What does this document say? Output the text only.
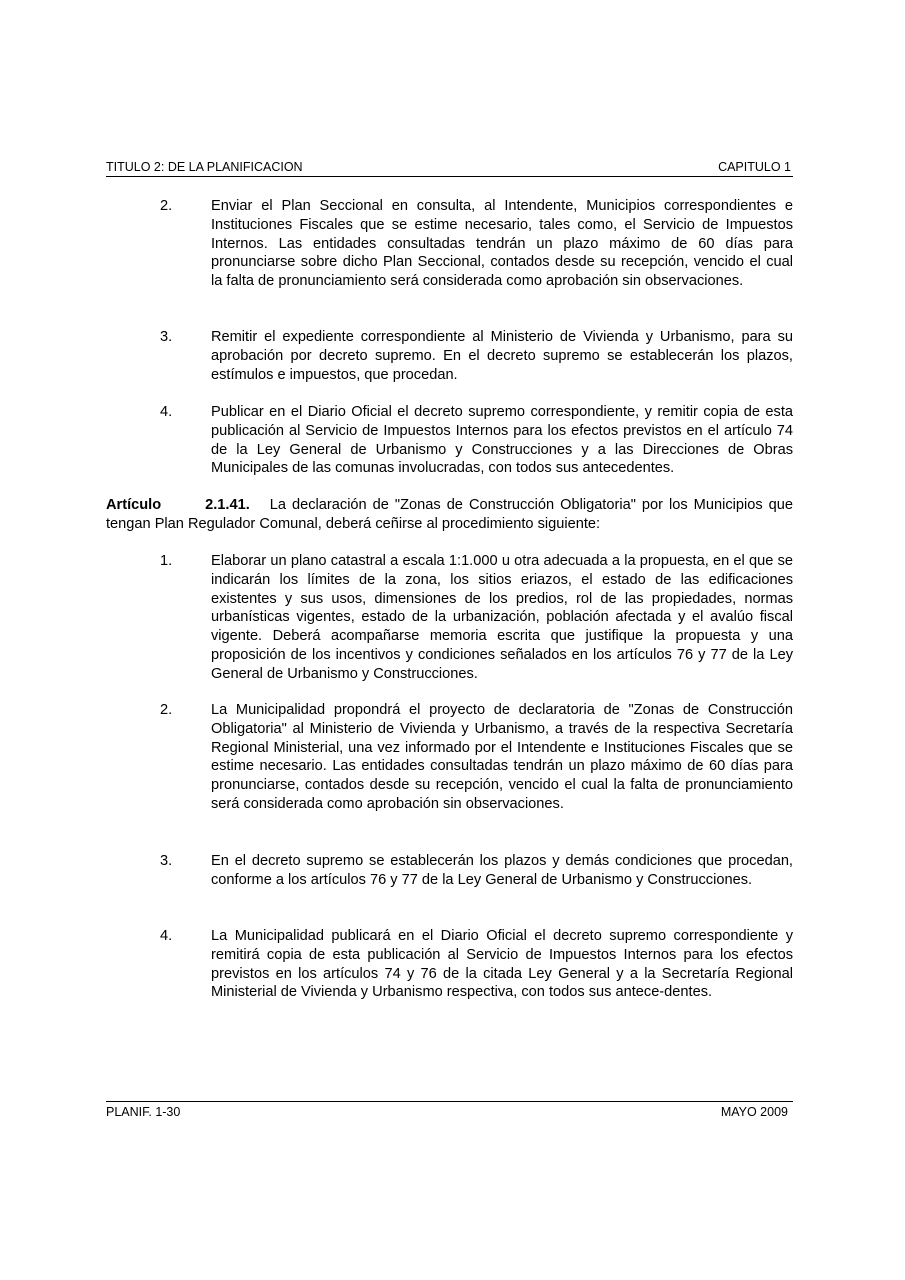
TITULO 2: DE LA PLANIFICACION	CAPITULO 1
2.	Enviar el Plan Seccional en consulta, al Intendente, Municipios correspondientes e Instituciones Fiscales que se estime necesario, tales como, el Servicio de Impuestos Internos. Las entidades consultadas tendrán un plazo máximo de 60 días para pronunciarse sobre dicho Plan Seccional, contados desde su recepción, vencido el cual la falta de pronunciamiento será considerada como aprobación sin observaciones.
3.	Remitir el expediente correspondiente al Ministerio de Vivienda y Urbanismo, para su aprobación por decreto supremo. En el decreto supremo se establecerán los plazos, estímulos e impuestos, que procedan.
4.	Publicar en el Diario Oficial el decreto supremo correspondiente, y remitir copia de esta publicación al Servicio de Impuestos Internos para los efectos previstos en el artículo 74 de la Ley General de Urbanismo y Construcciones y a las Direcciones de Obras Municipales de las comunas involucradas, con todos sus antecedentes.
Artículo	2.1.41. La declaración de "Zonas de Construcción Obligatoria" por los Municipios que tengan Plan Regulador Comunal, deberá ceñirse al procedimiento siguiente:
1.	Elaborar un plano catastral a escala 1:1.000 u otra adecuada a la propuesta, en el que se indicarán los límites de la zona, los sitios eriazos, el estado de las edificaciones existentes y sus usos, dimensiones de los predios, rol de las propiedades, normas urbanísticas vigentes, estado de la urbanización, población afectada y el avalúo fiscal vigente. Deberá acompañarse memoria escrita que justifique la propuesta y una proposición de los incentivos y condiciones señalados en los artículos 76 y 77 de la Ley General de Urbanismo y Construcciones.
2.	La Municipalidad propondrá el proyecto de declaratoria de "Zonas de Construcción Obligatoria" al Ministerio de Vivienda y Urbanismo, a través de la respectiva Secretaría Regional Ministerial, una vez informado por el Intendente e Instituciones Fiscales que se estime necesario. Las entidades consultadas tendrán un plazo máximo de 60 días para pronunciarse, contados desde su recepción, vencido el cual la falta de pronunciamiento será considerada como aprobación sin observaciones.
3.	En el decreto supremo se establecerán los plazos y demás condiciones que procedan, conforme a los artículos 76 y 77 de la Ley General de Urbanismo y Construcciones.
4.	La Municipalidad publicará en el Diario Oficial el decreto supremo correspondiente y remitirá copia de esta publicación al Servicio de Impuestos Internos para los efectos previstos en los artículos 74 y 76 de la citada Ley General y a la Secretaría Regional Ministerial de Vivienda y Urbanismo respectiva, con todos sus antece-dentes.
PLANIF. 1-30	MAYO 2009
